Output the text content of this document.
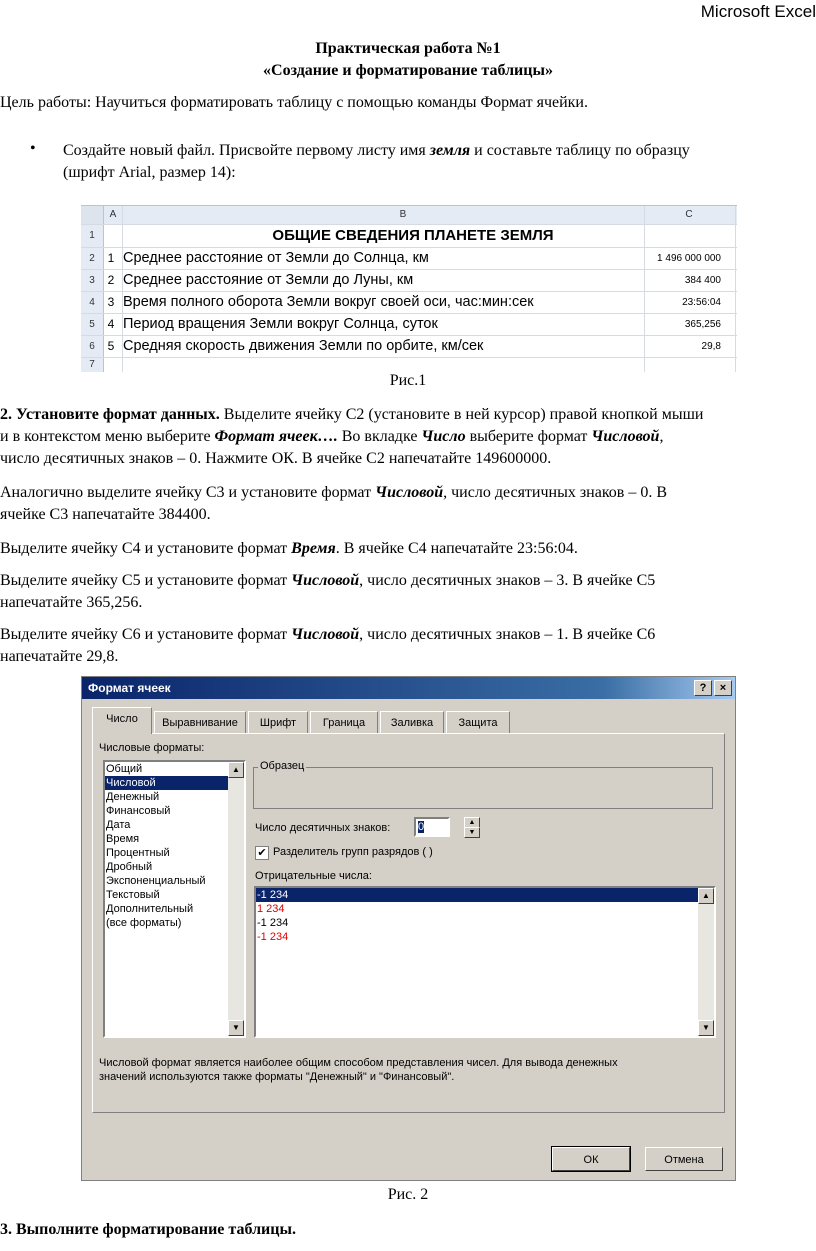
Microsoft Excel
Практическая работа №1
«Создание и форматирование таблицы»
Цель работы: Научиться форматировать таблицу с помощью команды Формат ячейки.
• Создайте новый файл. Присвойте первому листу имя земля и составьте таблицу по образцу
(шрифт Arial, размер 14):
A	B	C
1	ОБЩИЕ СВЕДЕНИЯ ПЛАНЕТЕ ЗЕМЛЯ
2	1 Среднее расстояние от Земли до Солнца, км	1 496 000 000
3	2 Среднее расстояние от Земли до Луны, км	384 400
4	3 Время полного оборота Земли вокруг своей оси, час:мин:сек	23:56:04
5	4 Период вращения Земли вокруг Солнца, суток	365,256
6	5 Средняя скорость движения Земли по орбите, км/сек	29,8
7
Рис.1
2. Установите формат данных. Выделите ячейку С2 (установите в ней курсор) правой кнопкой мыши
и в контекстом меню выберите Формат ячеек…. Во вкладке Число выберите формат Числовой,
число десятичных знаков – 0. Нажмите ОК. В ячейке С2 напечатайте 149600000.
Аналогично выделите ячейку С3 и установите формат Числовой, число десятичных знаков – 0. В
ячейке С3 напечатайте 384400.
Выделите ячейку С4 и установите формат Время. В ячейке С4 напечатайте 23:56:04.
Выделите ячейку С5 и установите формат Числовой, число десятичных знаков – 3. В ячейке С5
напечатайте 365,256.
Выделите ячейку С6 и установите формат Числовой, число десятичных знаков – 1. В ячейке С6
напечатайте 29,8.
Формат ячеек	?	×
Число	Выравнивание	Шрифт	Граница	Заливка	Защита
Числовые форматы:
Общий
Числовой
Денежный
Финансовый
Дата
Время
Процентный
Дробный
Экспоненциальный
Текстовый
Дополнительный
(все форматы)
▲
▼
Образец
Число десятичных знаков:	0	▲
▼
✔ Разделитель групп разрядов ( )
Отрицательные числа:
-1 234
1 234
-1 234
-1 234
▲
▼
Числовой формат является наиболее общим способом представления чисел. Для вывода денежных
значений используются также форматы "Денежный" и "Финансовый".
ОК	Отмена
Рис. 2
3. Выполните форматирование таблицы.
